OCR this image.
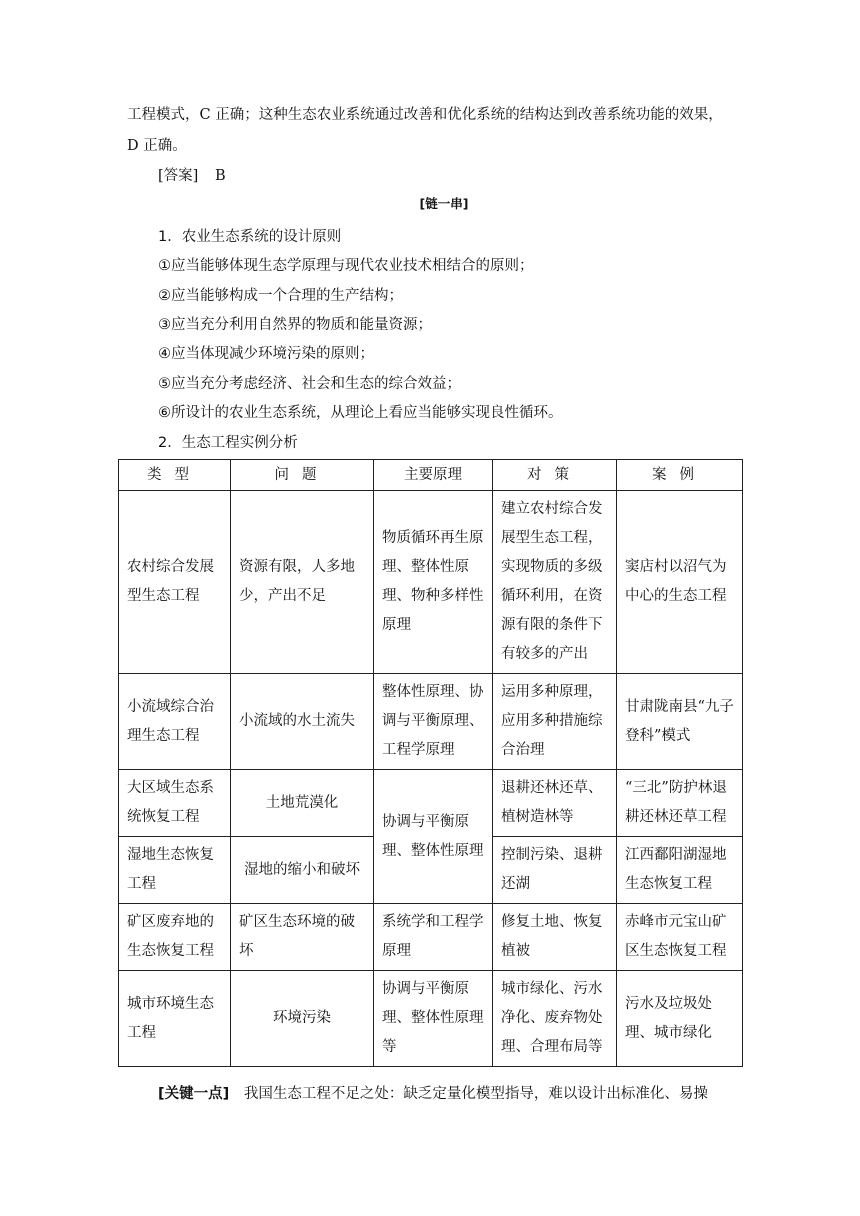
工程模式，C 正确；这种生态农业系统通过改善和优化系统的结构达到改善系统功能的效果，
D 正确。
[答案] B
[链一串]
1．农业生态系统的设计原则
①应当能够体现生态学原理与现代农业技术相结合的原则；
②应当能够构成一个合理的生产结构；
③应当充分利用自然界的物质和能量资源；
④应当体现减少环境污染的原则；
⑤应当充分考虑经济、社会和生态的综合效益；
⑥所设计的农业生态系统，从理论上看应当能够实现良性循环。
2．生态工程实例分析
类型	问题	主要原理	对策	案例
农村综合发展型生态工程	资源有限，人多地少，产出不足	物质循环再生原理、整体性原理、物种多样性原理	建立农村综合发展型生态工程，实现物质的多级循环利用，在资源有限的条件下有较多的产出	窦店村以沼气为中心的生态工程
小流域综合治理生态工程	小流域的水土流失	整体性原理、协调与平衡原理、工程学原理	运用多种原理，应用多种措施综合治理	甘肃陇南县“九子登科”模式
大区域生态系统恢复工程	土地荒漠化	协调与平衡原理、整体性原理	退耕还林还草、植树造林等	“三北”防护林退耕还林还草工程
湿地生态恢复工程	湿地的缩小和破坏		控制污染、退耕还湖	江西鄱阳湖湿地生态恢复工程
矿区废弃地的生态恢复工程	矿区生态环境的破坏	系统学和工程学原理	修复土地、恢复植被	赤峰市元宝山矿区生态恢复工程
城市环境生态工程	环境污染	协调与平衡原理、整体性原理等	城市绿化、污水净化、废弃物处理、合理布局等	污水及垃圾处理、城市绿化
[关键一点] 我国生态工程不足之处：缺乏定量化模型指导，难以设计出标准化、易操
